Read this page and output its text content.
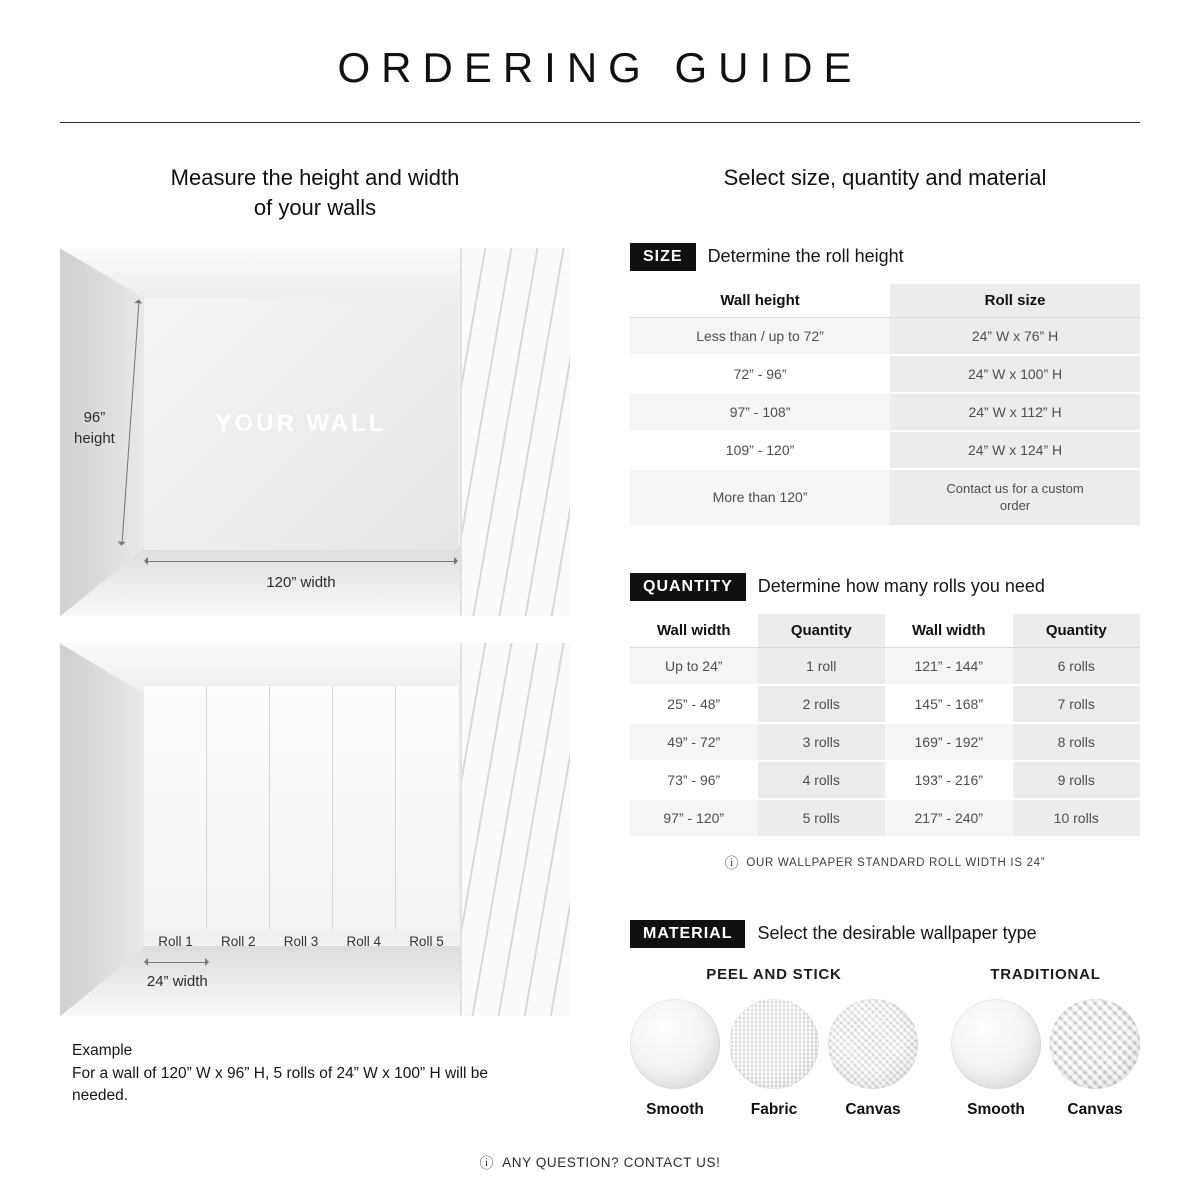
ORDERING GUIDE
Measure the height and width
of your walls
YOUR WALL
96”
height
120” width
Roll 1	Roll 2	Roll 3	Roll 4	Roll 5
24” width
Example
For a wall of 120” W x 96” H, 5 rolls of 24” W x 100” H will be needed.
Select size, quantity and material
SIZE	Determine the roll height
Wall height	Roll size
Less than / up to 72”	24” W x 76” H
72” - 96”	24” W x 100” H
97” - 108”	24” W x 112” H
109” - 120”	24” W x 124” H
More than 120”	Contact us for a custom order
QUANTITY	Determine how many rolls you need
Wall width	Quantity	Wall width	Quantity
Up to 24”	1 roll	121” - 144”	6 rolls
25” - 48”	2 rolls	145” - 168”	7 rolls
49” - 72”	3 rolls	169” - 192”	8 rolls
73” - 96”	4 rolls	193” - 216”	9 rolls
97” - 120”	5 rolls	217” - 240”	10 rolls
ⓘ OUR WALLPAPER STANDARD ROLL WIDTH IS 24”
MATERIAL	Select the desirable wallpaper type
PEEL AND STICK
Smooth	Fabric	Canvas
TRADITIONAL
Smooth	Canvas
ⓘ ANY QUESTION? CONTACT US!
